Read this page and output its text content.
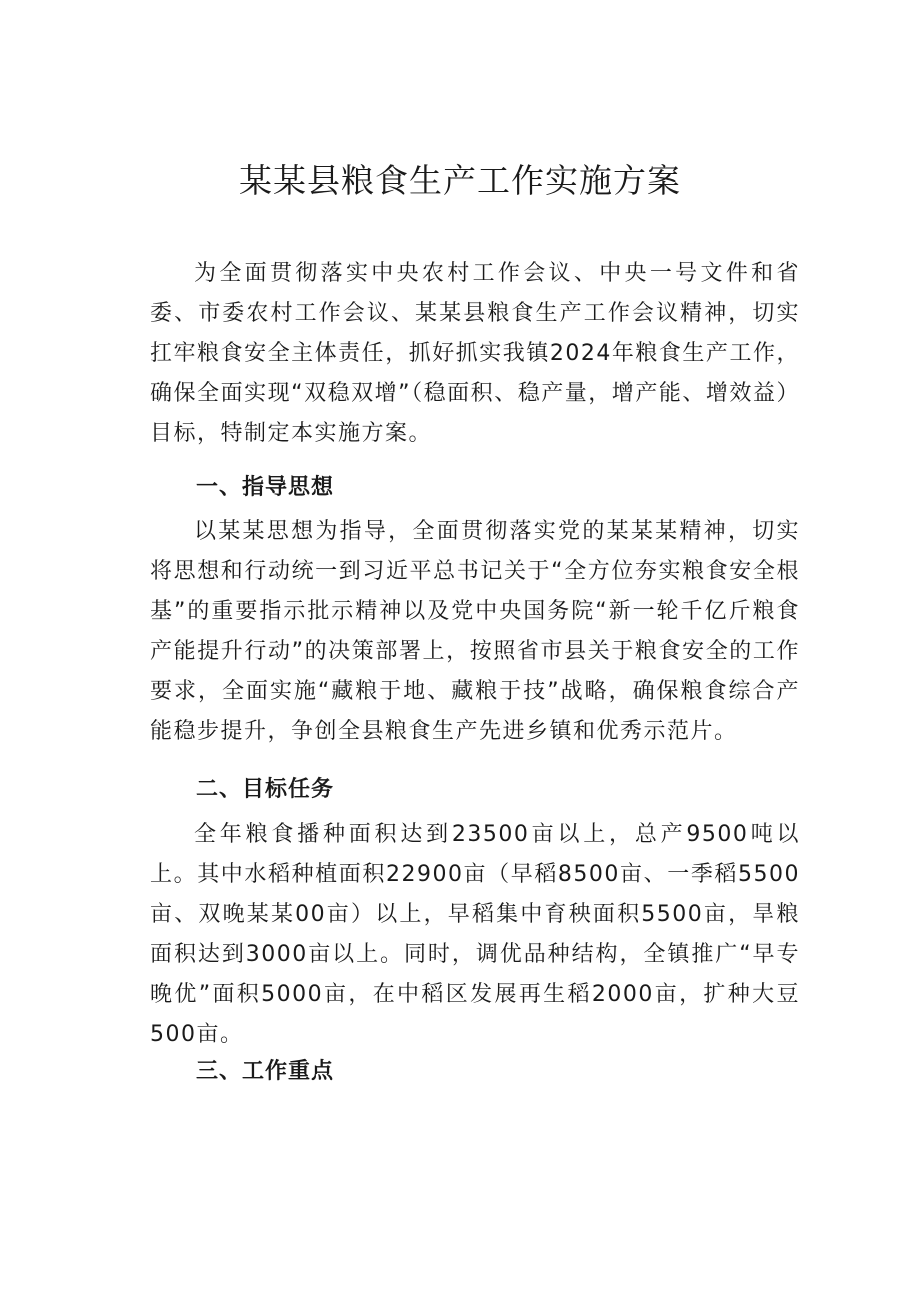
某某县粮食生产工作实施方案

为全面贯彻落实中央农村工作会议、中央一号文件和省委、市委农村工作会议、某某县粮食生产工作会议精神，切实扛牢粮食安全主体责任，抓好抓实我镇2024年粮食生产工作，确保全面实现“双稳双增”（稳面积、稳产量，增产能、增效益）目标，特制定本实施方案。

一、指导思想

以某某思想为指导，全面贯彻落实党的某某某精神，切实将思想和行动统一到习近平总书记关于“全方位夯实粮食安全根基”的重要指示批示精神以及党中央国务院“新一轮千亿斤粮食产能提升行动”的决策部署上，按照省市县关于粮食安全的工作要求，全面实施“藏粮于地、藏粮于技”战略，确保粮食综合产能稳步提升，争创全县粮食生产先进乡镇和优秀示范片。

二、目标任务

全年粮食播种面积达到23500亩以上，总产9500吨以上。其中水稻种植面积22900亩（早稻8500亩、一季稻5500亩、双晚某某00亩）以上，早稻集中育秧面积5500亩，旱粮面积达到3000亩以上。同时，调优品种结构，全镇推广“早专晚优”面积5000亩，在中稻区发展再生稻2000亩，扩种大豆500亩。

三、工作重点
